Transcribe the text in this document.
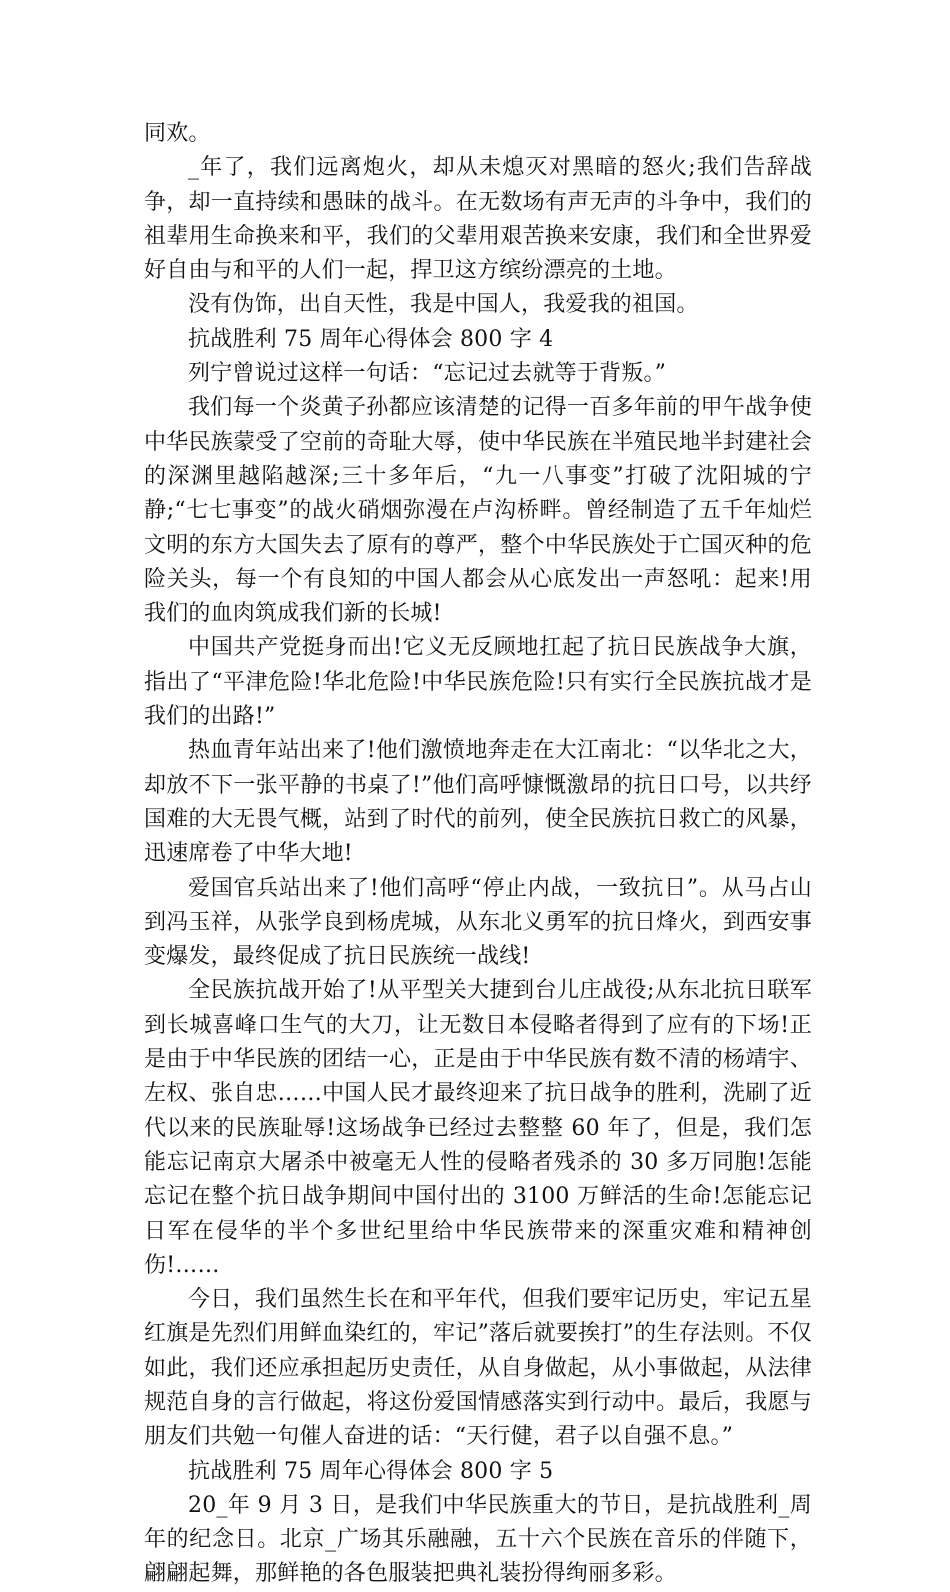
同欢。

_年了，我们远离炮火，却从未熄灭对黑暗的怒火;我们告辞战争，却一直持续和愚昧的战斗。在无数场有声无声的斗争中，我们的祖辈用生命换来和平，我们的父辈用艰苦换来安康，我们和全世界爱好自由与和平的人们一起，捍卫这方缤纷漂亮的土地。

没有伪饰，出自天性，我是中国人，我爱我的祖国。

抗战胜利 75 周年心得体会 800 字 4

列宁曾说过这样一句话：“忘记过去就等于背叛。”

我们每一个炎黄子孙都应该清楚的记得一百多年前的甲午战争使中华民族蒙受了空前的奇耻大辱，使中华民族在半殖民地半封建社会的深渊里越陷越深;三十多年后，“九一八事变”打破了沈阳城的宁静;“七七事变”的战火硝烟弥漫在卢沟桥畔。曾经制造了五千年灿烂文明的东方大国失去了原有的尊严，整个中华民族处于亡国灭种的危险关头，每一个有良知的中国人都会从心底发出一声怒吼：起来!用我们的血肉筑成我们新的长城!

中国共产党挺身而出!它义无反顾地扛起了抗日民族战争大旗，指出了“平津危险!华北危险!中华民族危险!只有实行全民族抗战才是我们的出路!”

热血青年站出来了!他们激愤地奔走在大江南北：“以华北之大，却放不下一张平静的书桌了!”他们高呼慷慨激昂的抗日口号，以共纾国难的大无畏气概，站到了时代的前列，使全民族抗日救亡的风暴，迅速席卷了中华大地!

爱国官兵站出来了!他们高呼“停止内战，一致抗日”。从马占山到冯玉祥，从张学良到杨虎城，从东北义勇军的抗日烽火，到西安事变爆发，最终促成了抗日民族统一战线!

全民族抗战开始了!从平型关大捷到台儿庄战役;从东北抗日联军到长城喜峰口生气的大刀，让无数日本侵略者得到了应有的下场!正是由于中华民族的团结一心，正是由于中华民族有数不清的杨靖宇、左权、张自忠……中国人民才最终迎来了抗日战争的胜利，洗刷了近代以来的民族耻辱!这场战争已经过去整整 60 年了，但是，我们怎能忘记南京大屠杀中被毫无人性的侵略者残杀的 30 多万同胞!怎能忘记在整个抗日战争期间中国付出的 3100 万鲜活的生命!怎能忘记日军在侵华的半个多世纪里给中华民族带来的深重灾难和精神创伤!……

今日，我们虽然生长在和平年代，但我们要牢记历史，牢记五星红旗是先烈们用鲜血染红的，牢记”落后就要挨打”的生存法则。不仅如此，我们还应承担起历史责任，从自身做起，从小事做起，从法律规范自身的言行做起，将这份爱国情感落实到行动中。最后，我愿与朋友们共勉一句催人奋进的话：“天行健，君子以自强不息。”

抗战胜利 75 周年心得体会 800 字 5

20_年 9 月 3 日，是我们中华民族重大的节日，是抗战胜利_周年的纪念日。北京_广场其乐融融，五十六个民族在音乐的伴随下，翩翩起舞，那鲜艳的各色服装把典礼装扮得绚丽多彩。
